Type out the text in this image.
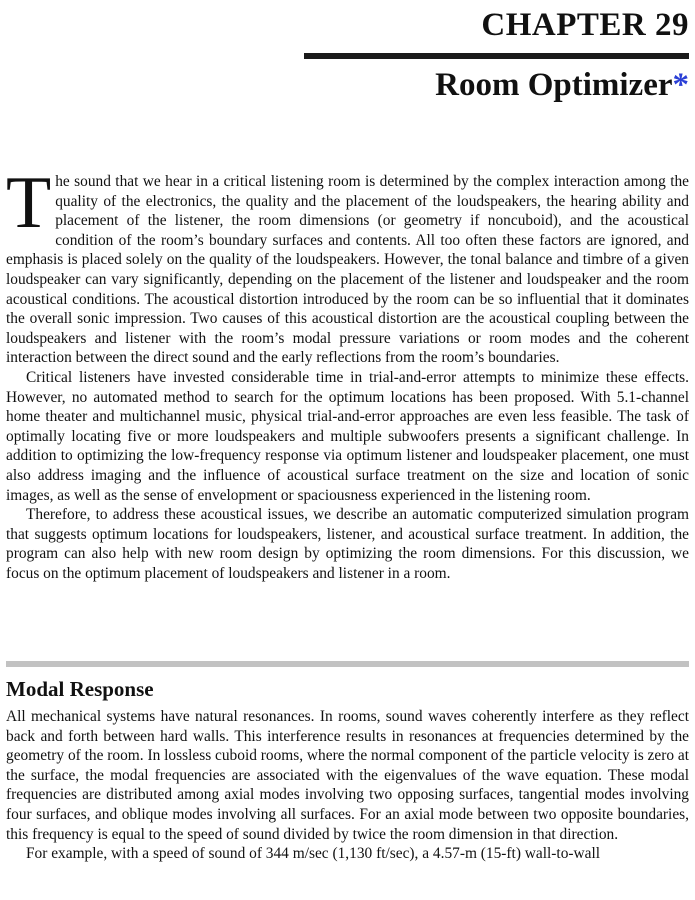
CHAPTER 29
Room Optimizer*

The sound that we hear in a critical listening room is determined by the complex interaction among the quality of the electronics, the quality and the placement of the loudspeakers, the hearing ability and placement of the listener, the room dimensions (or geometry if noncuboid), and the acoustical condition of the room’s boundary surfaces and contents. All too often these factors are ignored, and emphasis is placed solely on the quality of the loudspeakers. However, the tonal balance and timbre of a given loudspeaker can vary significantly, depending on the placement of the listener and loudspeaker and the room acoustical conditions. The acoustical distortion introduced by the room can be so influential that it dominates the overall sonic impression. Two causes of this acoustical distortion are the acoustical coupling between the loudspeakers and listener with the room’s modal pressure variations or room modes and the coherent interaction between the direct sound and the early reflections from the room’s boundaries.

Critical listeners have invested considerable time in trial-and-error attempts to minimize these effects. However, no automated method to search for the optimum locations has been proposed. With 5.1-channel home theater and multichannel music, physical trial-and-error approaches are even less feasible. The task of optimally locating five or more loudspeakers and multiple subwoofers presents a significant challenge. In addition to optimizing the low-frequency response via optimum listener and loudspeaker placement, one must also address imaging and the influence of acoustical surface treatment on the size and location of sonic images, as well as the sense of envelopment or spaciousness experienced in the listening room.

Therefore, to address these acoustical issues, we describe an automatic computerized simulation program that suggests optimum locations for loudspeakers, listener, and acoustical surface treatment. In addition, the program can also help with new room design by optimizing the room dimensions. For this discussion, we focus on the optimum placement of loudspeakers and listener in a room.

Modal Response

All mechanical systems have natural resonances. In rooms, sound waves coherently interfere as they reflect back and forth between hard walls. This interference results in resonances at frequencies determined by the geometry of the room. In lossless cuboid rooms, where the normal component of the particle velocity is zero at the surface, the modal frequencies are associated with the eigenvalues of the wave equation. These modal frequencies are distributed among axial modes involving two opposing surfaces, tangential modes involving four surfaces, and oblique modes involving all surfaces. For an axial mode between two opposite boundaries, this frequency is equal to the speed of sound divided by twice the room dimension in that direction.

For example, with a speed of sound of 344 m/sec (1,130 ft/sec), a 4.57-m (15-ft) wall-to-wall
